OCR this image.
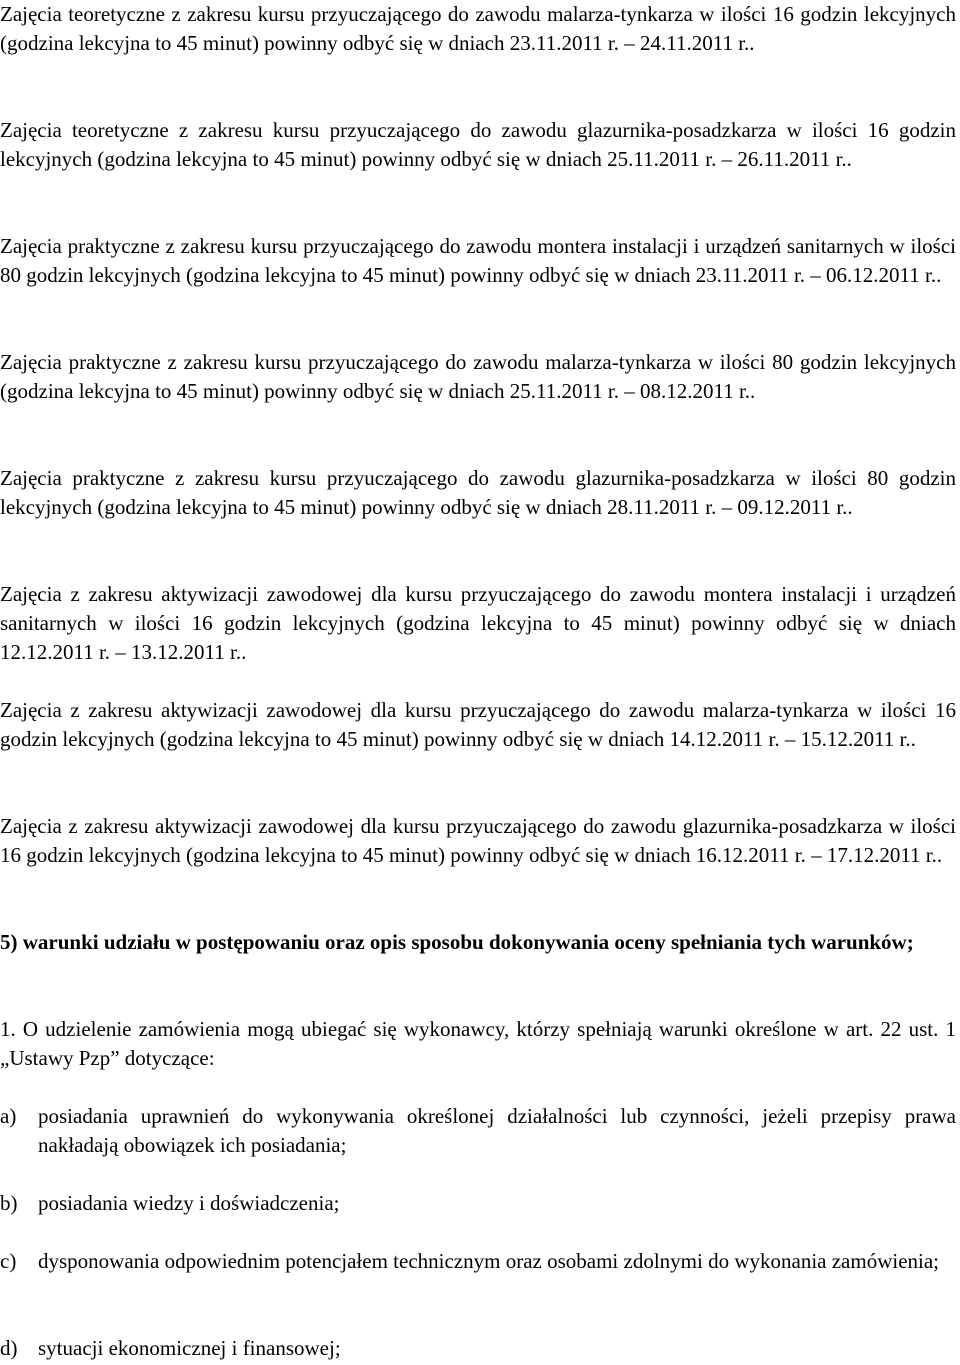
Zajęcia teoretyczne z zakresu kursu przyuczającego do zawodu malarza-tynkarza w ilości 16 godzin lekcyjnych (godzina lekcyjna to 45 minut) powinny odbyć się w dniach 23.11.2011 r. – 24.11.2011 r..

Zajęcia teoretyczne z zakresu kursu przyuczającego do zawodu glazurnika-posadzkarza w ilości 16 godzin lekcyjnych (godzina lekcyjna to 45 minut) powinny odbyć się w dniach 25.11.2011 r. – 26.11.2011 r..

Zajęcia praktyczne z zakresu kursu przyuczającego do zawodu montera instalacji i urządzeń sanitarnych w ilości 80 godzin lekcyjnych (godzina lekcyjna to 45 minut) powinny odbyć się w dniach 23.11.2011 r. – 06.12.2011 r..

Zajęcia praktyczne z zakresu kursu przyuczającego do zawodu malarza-tynkarza w ilości 80 godzin lekcyjnych (godzina lekcyjna to 45 minut) powinny odbyć się w dniach 25.11.2011 r. – 08.12.2011 r..

Zajęcia praktyczne z zakresu kursu przyuczającego do zawodu glazurnika-posadzkarza w ilości 80 godzin lekcyjnych (godzina lekcyjna to 45 minut) powinny odbyć się w dniach 28.11.2011 r. – 09.12.2011 r..

Zajęcia z zakresu aktywizacji zawodowej dla kursu przyuczającego do zawodu montera instalacji i urządzeń sanitarnych w ilości 16 godzin lekcyjnych (godzina lekcyjna to 45 minut) powinny odbyć się w dniach 12.12.2011 r. – 13.12.2011 r..

Zajęcia z zakresu aktywizacji zawodowej dla kursu przyuczającego do zawodu malarza-tynkarza w ilości 16 godzin lekcyjnych (godzina lekcyjna to 45 minut) powinny odbyć się w dniach 14.12.2011 r. – 15.12.2011 r..

Zajęcia z zakresu aktywizacji zawodowej dla kursu przyuczającego do zawodu glazurnika-posadzkarza w ilości 16 godzin lekcyjnych (godzina lekcyjna to 45 minut) powinny odbyć się w dniach 16.12.2011 r. – 17.12.2011 r..

5) warunki udziału w postępowaniu oraz opis sposobu dokonywania oceny spełniania tych warunków;

1. O udzielenie zamówienia mogą ubiegać się wykonawcy, którzy spełniają warunki określone w art. 22 ust. 1 „Ustawy Pzp” dotyczące:

a)	posiadania uprawnień do wykonywania określonej działalności lub czynności, jeżeli przepisy prawa nakładają obowiązek ich posiadania;
b) posiadania wiedzy i doświadczenia;
c)	dysponowania odpowiednim potencjałem technicznym oraz osobami zdolnymi do wykonania zamówienia;
d) sytuacji ekonomicznej i finansowej;
